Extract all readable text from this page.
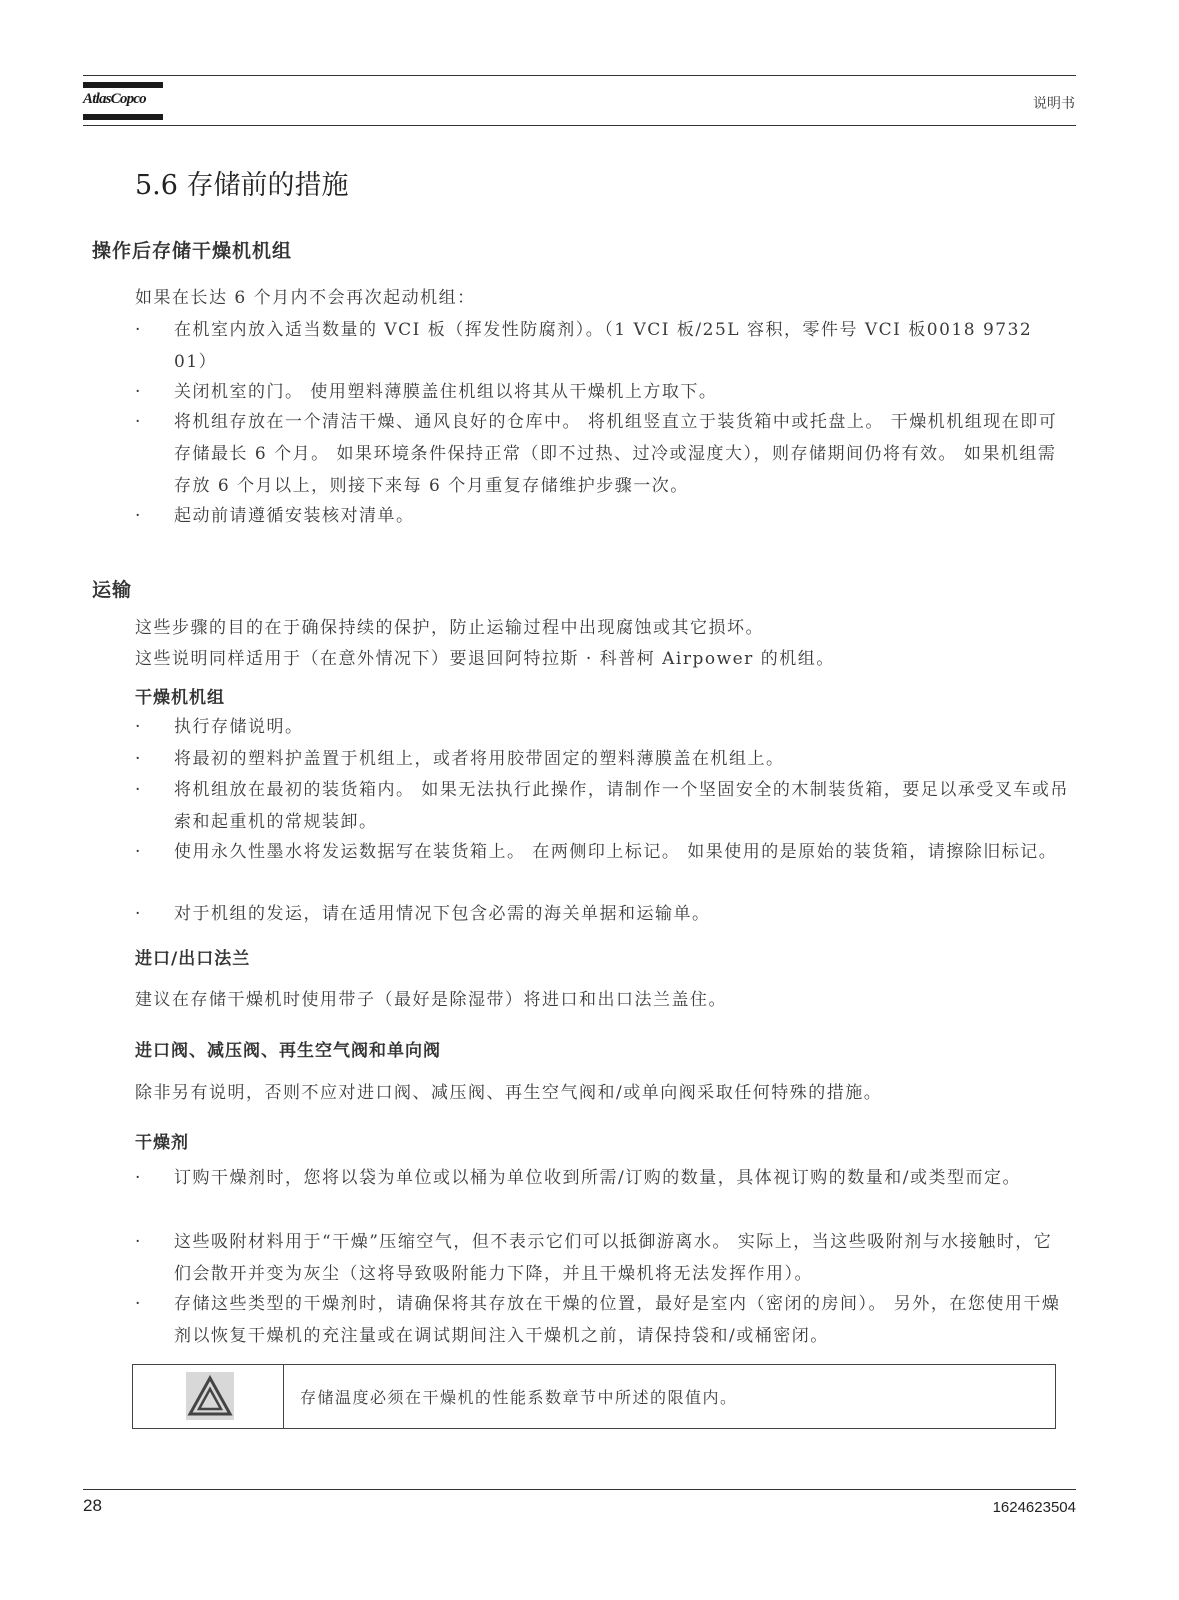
AtlasCopco	说明书
5.6 存储前的措施
操作后存储干燥机机组
如果在长达 6 个月内不会再次起动机组：
·	在机室内放入适当数量的 VCI 板（挥发性防腐剂）。（1 VCI 板/25L 容积，零件号 VCI 板0018 9732 01）
·	关闭机室的门。 使用塑料薄膜盖住机组以将其从干燥机上方取下。
·	将机组存放在一个清洁干燥、通风良好的仓库中。 将机组竖直立于装货箱中或托盘上。 干燥机机组现在即可存储最长 6 个月。 如果环境条件保持正常（即不过热、过冷或湿度大），则存储期间仍将有效。 如果机组需存放 6 个月以上，则接下来每 6 个月重复存储维护步骤一次。
·	起动前请遵循安装核对清单。
运输
这些步骤的目的在于确保持续的保护，防止运输过程中出现腐蚀或其它损坏。
这些说明同样适用于（在意外情况下）要退回阿特拉斯 · 科普柯 Airpower 的机组。
干燥机机组
·	执行存储说明。
·	将最初的塑料护盖置于机组上，或者将用胶带固定的塑料薄膜盖在机组上。
·	将机组放在最初的装货箱内。 如果无法执行此操作，请制作一个坚固安全的木制装货箱，要足以承受叉车或吊索和起重机的常规装卸。
·	使用永久性墨水将发运数据写在装货箱上。 在两侧印上标记。 如果使用的是原始的装货箱，请擦除旧标记。
·	对于机组的发运，请在适用情况下包含必需的海关单据和运输单。
进口/出口法兰
建议在存储干燥机时使用带子（最好是除湿带）将进口和出口法兰盖住。
进口阀、减压阀、再生空气阀和单向阀
除非另有说明，否则不应对进口阀、减压阀、再生空气阀和/或单向阀采取任何特殊的措施。
干燥剂
·	订购干燥剂时，您将以袋为单位或以桶为单位收到所需/订购的数量，具体视订购的数量和/或类型而定。
·	这些吸附材料用于“干燥”压缩空气，但不表示它们可以抵御游离水。 实际上，当这些吸附剂与水接触时，它们会散开并变为灰尘（这将导致吸附能力下降，并且干燥机将无法发挥作用）。
·	存储这些类型的干燥剂时，请确保将其存放在干燥的位置，最好是室内（密闭的房间）。 另外，在您使用干燥剂以恢复干燥机的充注量或在调试期间注入干燥机之前，请保持袋和/或桶密闭。
存储温度必须在干燥机的性能系数章节中所述的限值内。
28	1624623504
